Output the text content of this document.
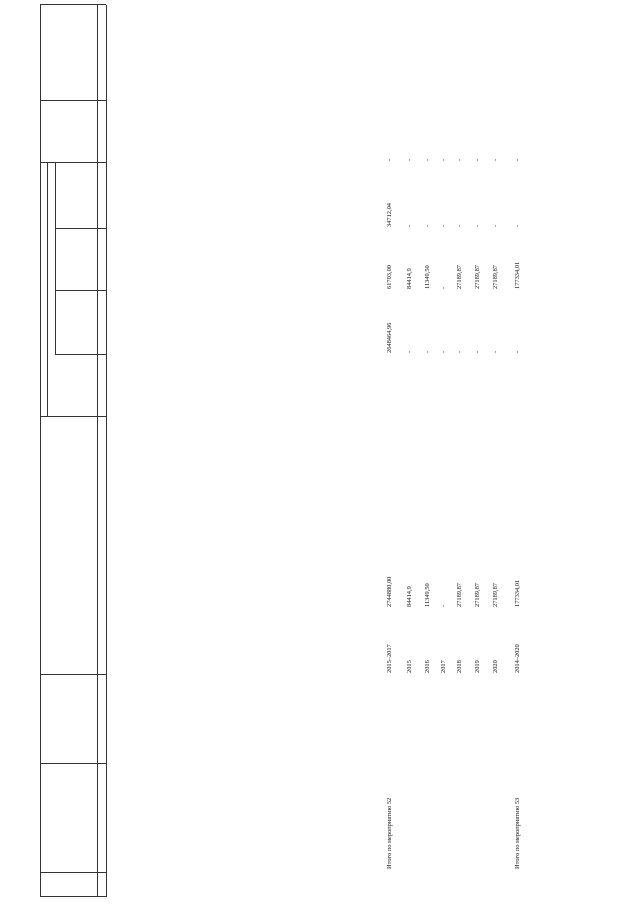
Итого по мероприятию 52
2015–2017
2744880,00
2648464,96
61703,00
34712,04
-
2015
84414,9
-
84414,9
-
-
2016
11349,50
-
11349,50
-
-
2017
-
-
-
-
-
2018
27189,87
-
27189,87
-
-
2019
27189,87
-
27189,87
-
-
2020
27189,87
-
27189,87
-
-
Итого по мероприятию 53
2014–2020
177334,01
-
177334,01
-
-
